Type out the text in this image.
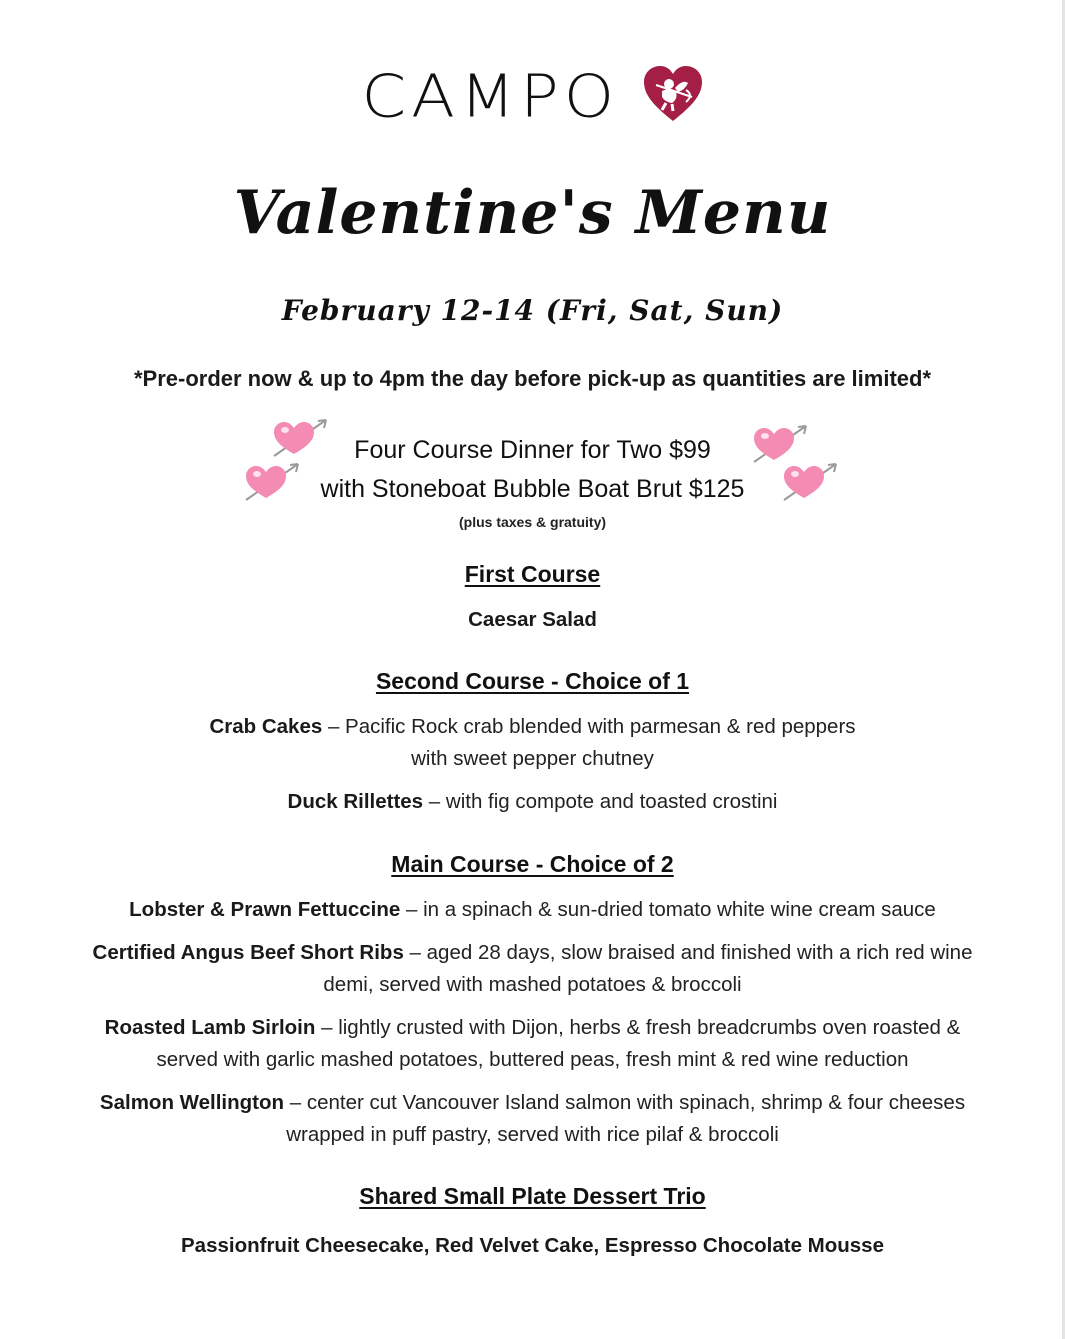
CAMPO
Valentine's Menu
February 12-14 (Fri, Sat, Sun)
*Pre-order now & up to 4pm the day before pick-up as quantities are limited*
Four Course Dinner for Two $99
with Stoneboat Bubble Boat Brut $125
(plus taxes & gratuity)
First Course
Caesar Salad
Second Course - Choice of 1
Crab Cakes – Pacific Rock crab blended with parmesan & red peppers
with sweet pepper chutney
Duck Rillettes – with fig compote and toasted crostini
Main Course - Choice of 2
Lobster & Prawn Fettuccine – in a spinach & sun-dried tomato white wine cream sauce
Certified Angus Beef Short Ribs – aged 28 days, slow braised and finished with a rich red wine
demi, served with mashed potatoes & broccoli
Roasted Lamb Sirloin – lightly crusted with Dijon, herbs & fresh breadcrumbs oven roasted &
served with garlic mashed potatoes, buttered peas, fresh mint & red wine reduction
Salmon Wellington – center cut Vancouver Island salmon with spinach, shrimp & four cheeses
wrapped in puff pastry, served with rice pilaf & broccoli
Shared Small Plate Dessert Trio
Passionfruit Cheesecake, Red Velvet Cake, Espresso Chocolate Mousse
